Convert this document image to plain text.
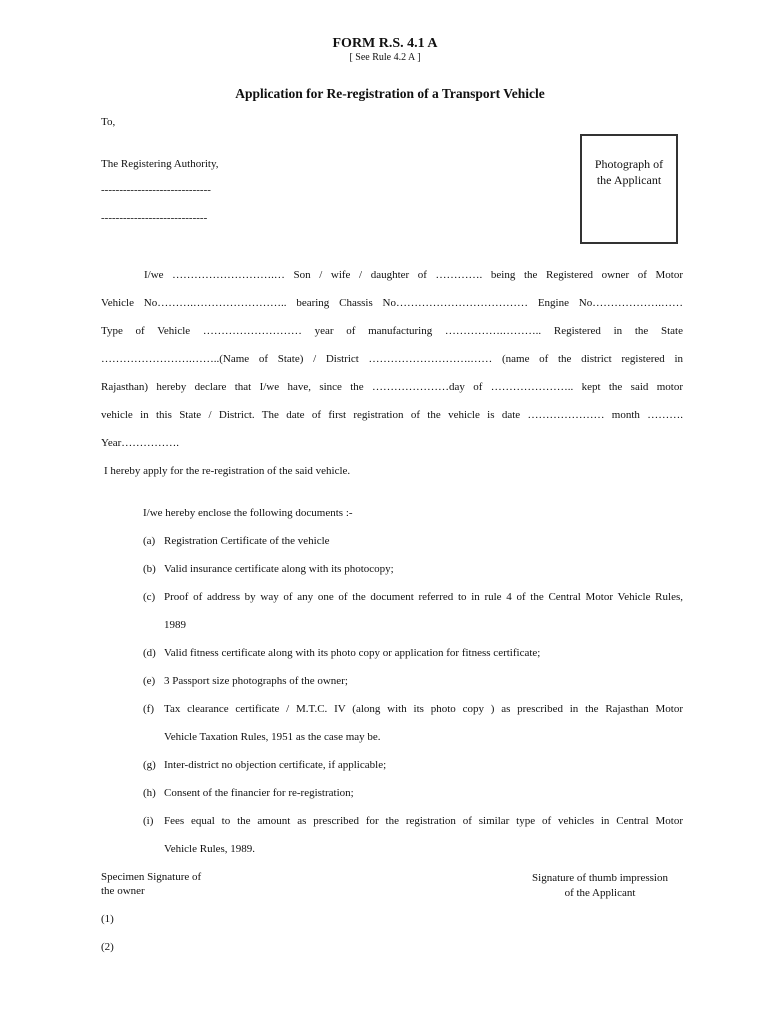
FORM R.S. 4.1 A

[ See Rule 4.2 A ]

Application for Re-registration of a Transport Vehicle

To,

The Registering Authority,

------------------------------

-----------------------------

Photograph of
the Applicant

I/we ……………………….… Son / wife / daughter of …………. being the Registered owner of Motor

Vehicle No……….…………………….. bearing Chassis No……………………………… Engine No……………….……

Type of Vehicle ……………………… year of manufacturing …………….……….. Registered in the State

…………………….……..(Name of State) / District ……………………….…… (name of the district registered in

Rajasthan) hereby declare that I/we have, since the …………………day of ………………….. kept the said motor

vehicle in this State / District. The date of first registration of the vehicle is date ………………… month ……….

Year…………….

I hereby apply for the re-registration of the said vehicle.

I/we hereby enclose the following documents :-

(a) Registration Certificate of the vehicle
(b) Valid insurance certificate along with its photocopy;
(c) Proof of address by way of any one of the document referred to in rule 4 of the Central Motor Vehicle Rules,

1989
(d) Valid fitness certificate along with its photo copy or application for fitness certificate;
(e) 3 Passport size photographs of the owner;
(f) Tax clearance certificate / M.T.C. IV (along with its photo copy ) as prescribed in the Rajasthan Motor

Vehicle Taxation Rules, 1951 as the case may be.
(g) Inter-district no objection certificate, if applicable;
(h) Consent of the financier for re-registration;
(i) Fees equal to the amount as prescribed for the registration of similar type of vehicles in Central Motor

Vehicle Rules, 1989.

Specimen Signature of

the owner

Signature of thumb impression
of the Applicant

(1)

(2)
